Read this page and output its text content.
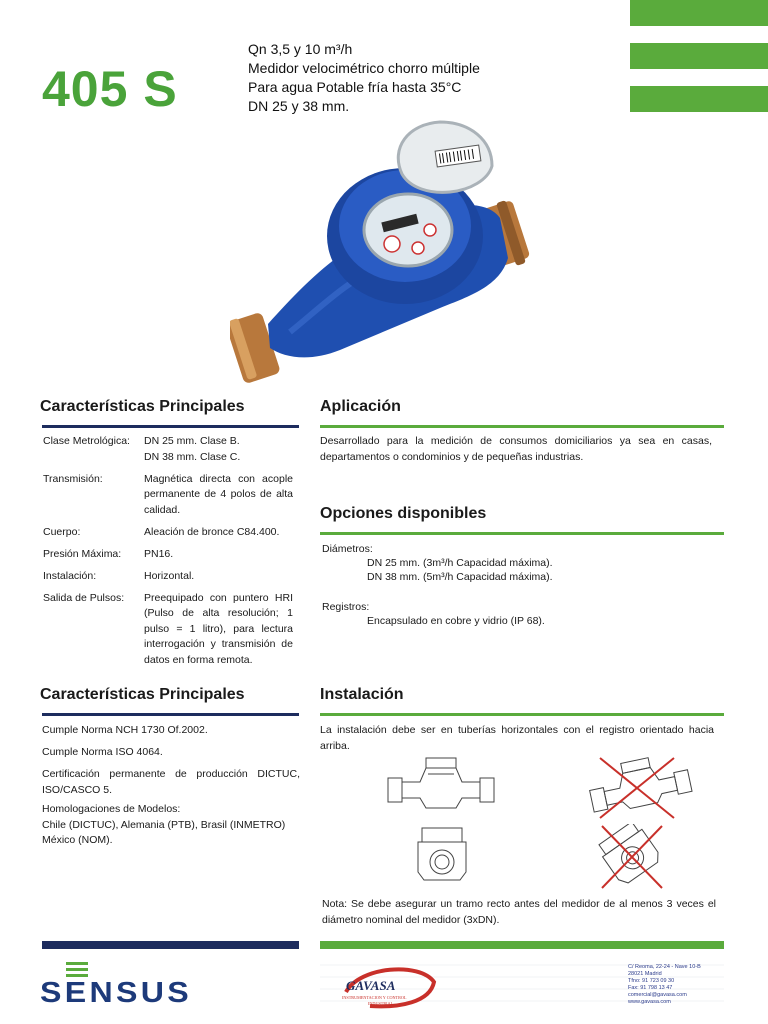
405 S
Qn 3,5 y 10 m³/h
Medidor velocimétrico chorro múltiple
Para agua Potable fría hasta 35°C
DN 25 y 38 mm.
Características Principales
Clase Metrológica:	DN 25 mm. Clase B.
DN 38 mm. Clase C.
Transmisión:	Magnética directa con acople permanente de 4 polos de alta calidad.
Cuerpo:	Aleación de bronce C84.400.
Presión Máxima:	PN16.
Instalación:	Horizontal.
Salida de Pulsos:	Preequipado con puntero HRI (Pulso de alta resolución; 1 pulso = 1 litro), para lectura interrogación y transmisión de datos en forma remota.
Aplicación
Desarrollado para la medición de consumos domiciliarios ya sea en casas, departamentos o condominios y de pequeñas industrias.
Opciones disponibles
Diámetros:
DN 25 mm. (3m³/h Capacidad máxima).
DN 38 mm. (5m³/h Capacidad máxima).
Registros:
Encapsulado en cobre y vidrio (IP 68).
Características Principales
Cumple Norma NCH 1730 Of.2002.
Cumple Norma ISO 4064.
Certificación permanente de producción DICTUC, ISO/CASCO 5.
Homologaciones de Modelos:
Chile (DICTUC), Alemania (PTB), Brasil (INMETRO)
México (NOM).
Instalación
La instalación debe ser en tuberías horizontales con el registro orientado hacia arriba.
Nota: Se debe asegurar un tramo recto antes del medidor de al menos 3 veces el diámetro nominal del medidor (3xDN).
SENSUS	GAVASA
INSTRUMENTACION Y CONTROL
INDUSTRIAL
C/ Reoma, 22-24 - Nave 10-B
28021 Madrid
Tfno: 91 723 09 30
Fax: 91 798 13 47
comercial@gavasa.com
www.gavasa.com
